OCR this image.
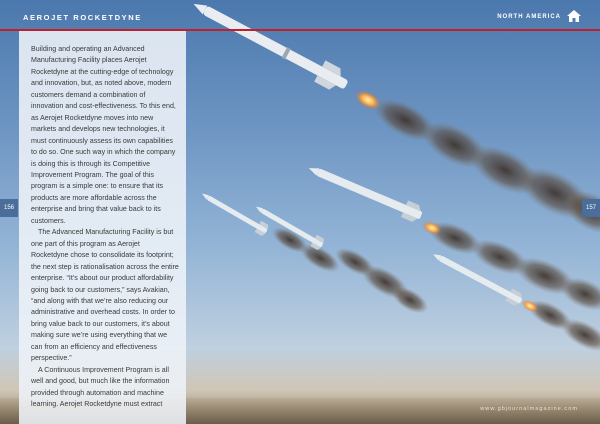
AEROJET ROCKETDYNE	NORTH AMERICA

Building and operating an Advanced Manufacturing Facility places Aerojet Rocketdyne at the cutting-edge of technology and innovation, but, as noted above, modern customers demand a combination of innovation and cost-effectiveness. To this end, as Aerojet Rocketdyne moves into new markets and develops new technologies, it must continuously assess its own capabilities to do so. One such way in which the company is doing this is through its Competitive Improvement Program. The goal of this program is a simple one: to ensure that its products are more affordable across the enterprise and bring that value back to its customers.

The Advanced Manufacturing Facility is but one part of this program as Aerojet Rocketdyne chose to consolidate its footprint; the next step is rationalisation across the entire enterprise. “It’s about our product affordability going back to our customers,” says Avakian, “and along with that we’re also reducing our administrative and overhead costs. In order to bring value back to our customers, it’s about making sure we’re using everything that we can from an efficiency and effectiveness perspective.”

A Continuous Improvement Program is all well and good, but much like the information provided through automation and machine learning, Aerojet Rocketdyne must extract

156	157
DECEMBER 2018	www.gbjournalmagazine.com
